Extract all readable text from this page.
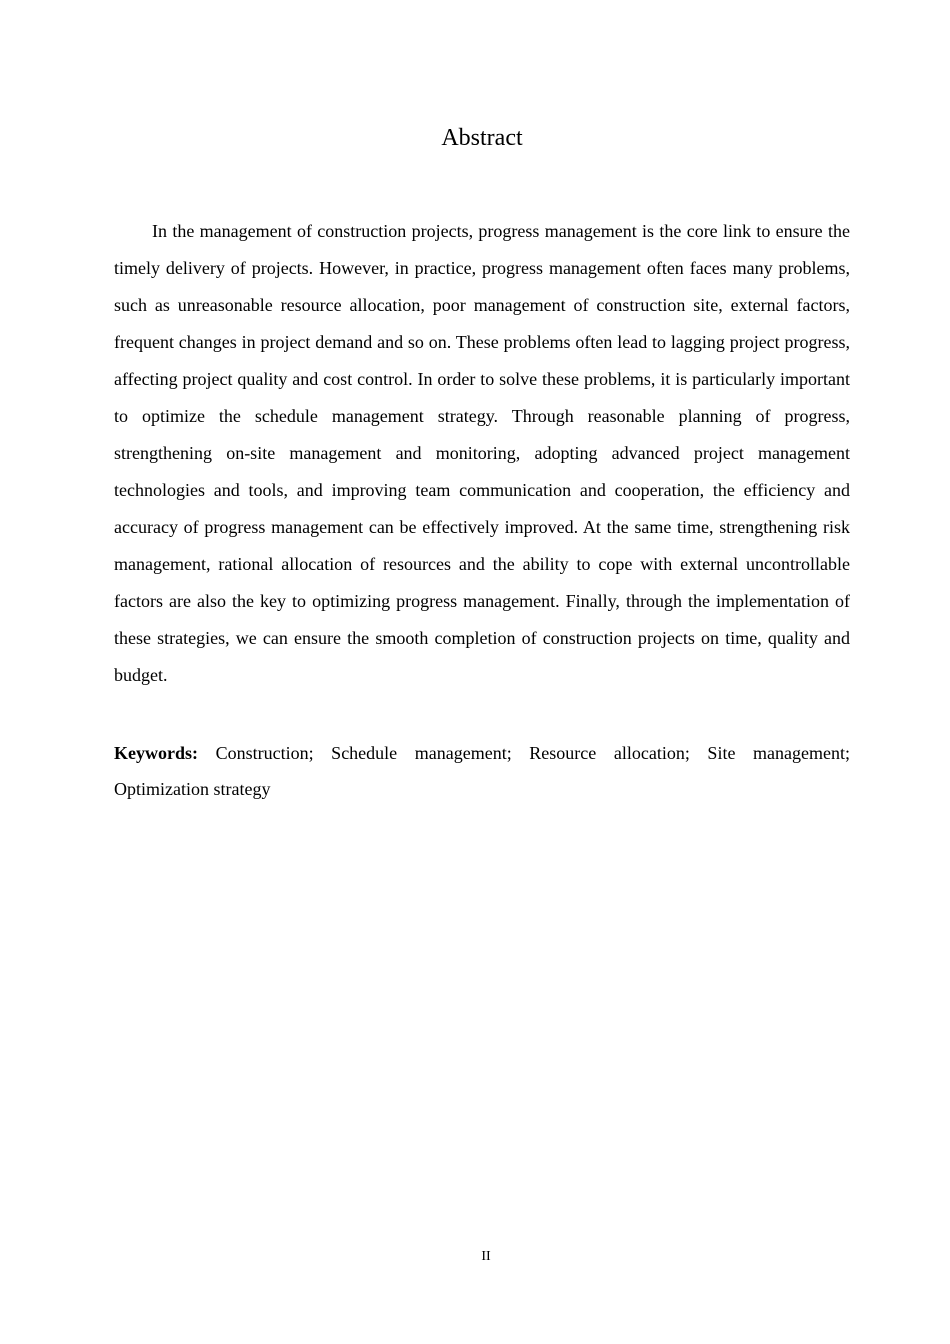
Abstract

In the management of construction projects, progress management is the core link to ensure the timely delivery of projects. However, in practice, progress management often faces many problems, such as unreasonable resource allocation, poor management of construction site, external factors, frequent changes in project demand and so on. These problems often lead to lagging project progress, affecting project quality and cost control. In order to solve these problems, it is particularly important to optimize the schedule management strategy. Through reasonable planning of progress, strengthening on-site management and monitoring, adopting advanced project management technologies and tools, and improving team communication and cooperation, the efficiency and accuracy of progress management can be effectively improved. At the same time, strengthening risk management, rational allocation of resources and the ability to cope with external uncontrollable factors are also the key to optimizing progress management. Finally, through the implementation of these strategies, we can ensure the smooth completion of construction projects on time, quality and budget.

Keywords: Construction; Schedule management; Resource allocation; Site management; Optimization strategy

II
